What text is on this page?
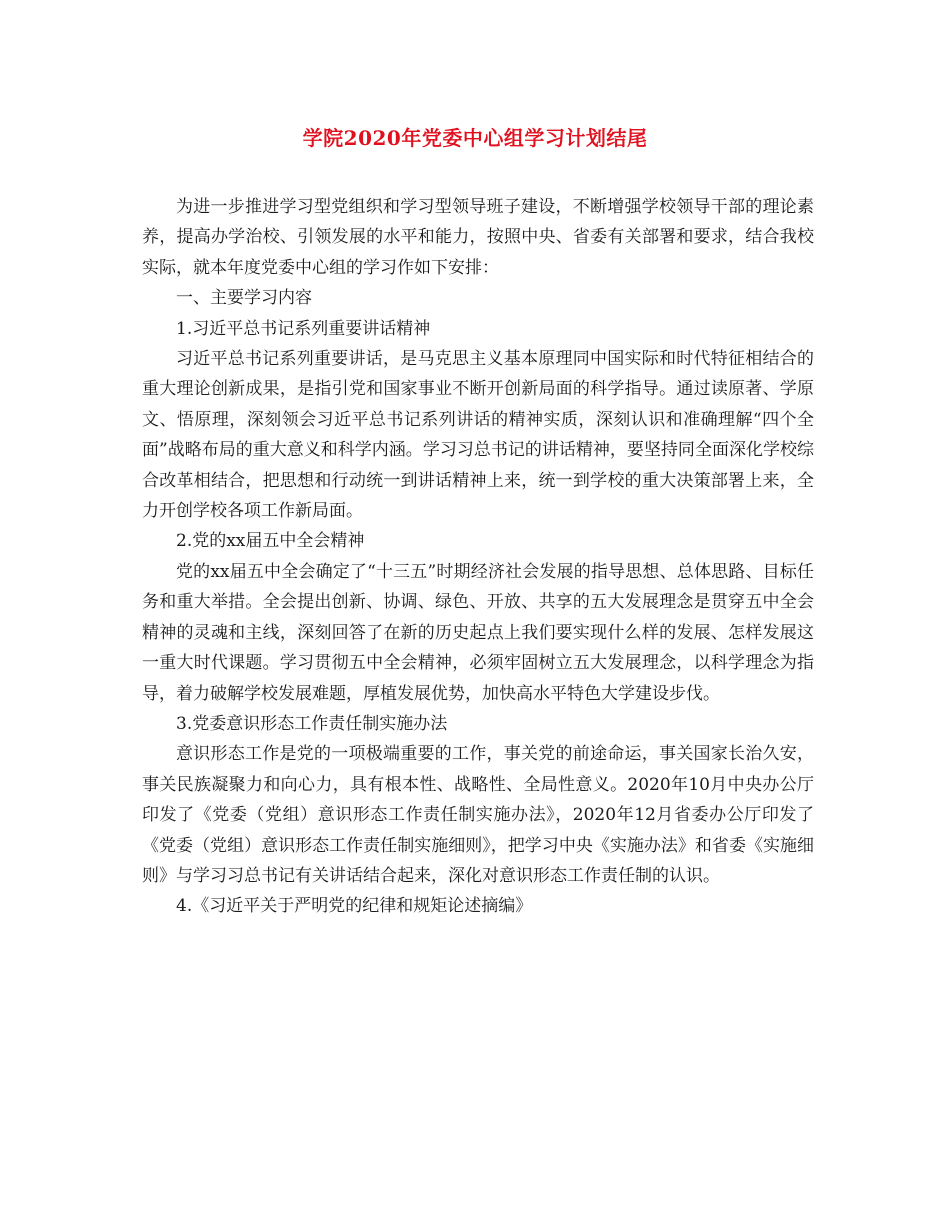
学院2020年党委中心组学习计划结尾

为进一步推进学习型党组织和学习型领导班子建设，不断增强学校领导干部的理论素养，提高办学治校、引领发展的水平和能力，按照中央、省委有关部署和要求，结合我校实际，就本年度党委中心组的学习作如下安排：

一、主要学习内容

1.习近平总书记系列重要讲话精神

习近平总书记系列重要讲话，是马克思主义基本原理同中国实际和时代特征相结合的重大理论创新成果，是指引党和国家事业不断开创新局面的科学指导。通过读原著、学原文、悟原理，深刻领会习近平总书记系列讲话的精神实质，深刻认识和准确理解“四个全面”战略布局的重大意义和科学内涵。学习习总书记的讲话精神，要坚持同全面深化学校综合改革相结合，把思想和行动统一到讲话精神上来，统一到学校的重大决策部署上来，全力开创学校各项工作新局面。

2.党的xx届五中全会精神

党的xx届五中全会确定了“十三五”时期经济社会发展的指导思想、总体思路、目标任务和重大举措。全会提出创新、协调、绿色、开放、共享的五大发展理念是贯穿五中全会精神的灵魂和主线，深刻回答了在新的历史起点上我们要实现什么样的发展、怎样发展这一重大时代课题。学习贯彻五中全会精神，必须牢固树立五大发展理念，以科学理念为指导，着力破解学校发展难题，厚植发展优势，加快高水平特色大学建设步伐。

3.党委意识形态工作责任制实施办法

意识形态工作是党的一项极端重要的工作，事关党的前途命运，事关国家长治久安，事关民族凝聚力和向心力，具有根本性、战略性、全局性意义。2020年10月中央办公厅印发了《党委（党组）意识形态工作责任制实施办法》，2020年12月省委办公厅印发了《党委（党组）意识形态工作责任制实施细则》，把学习中央《实施办法》和省委《实施细则》与学习习总书记有关讲话结合起来，深化对意识形态工作责任制的认识。

4.《习近平关于严明党的纪律和规矩论述摘编》
